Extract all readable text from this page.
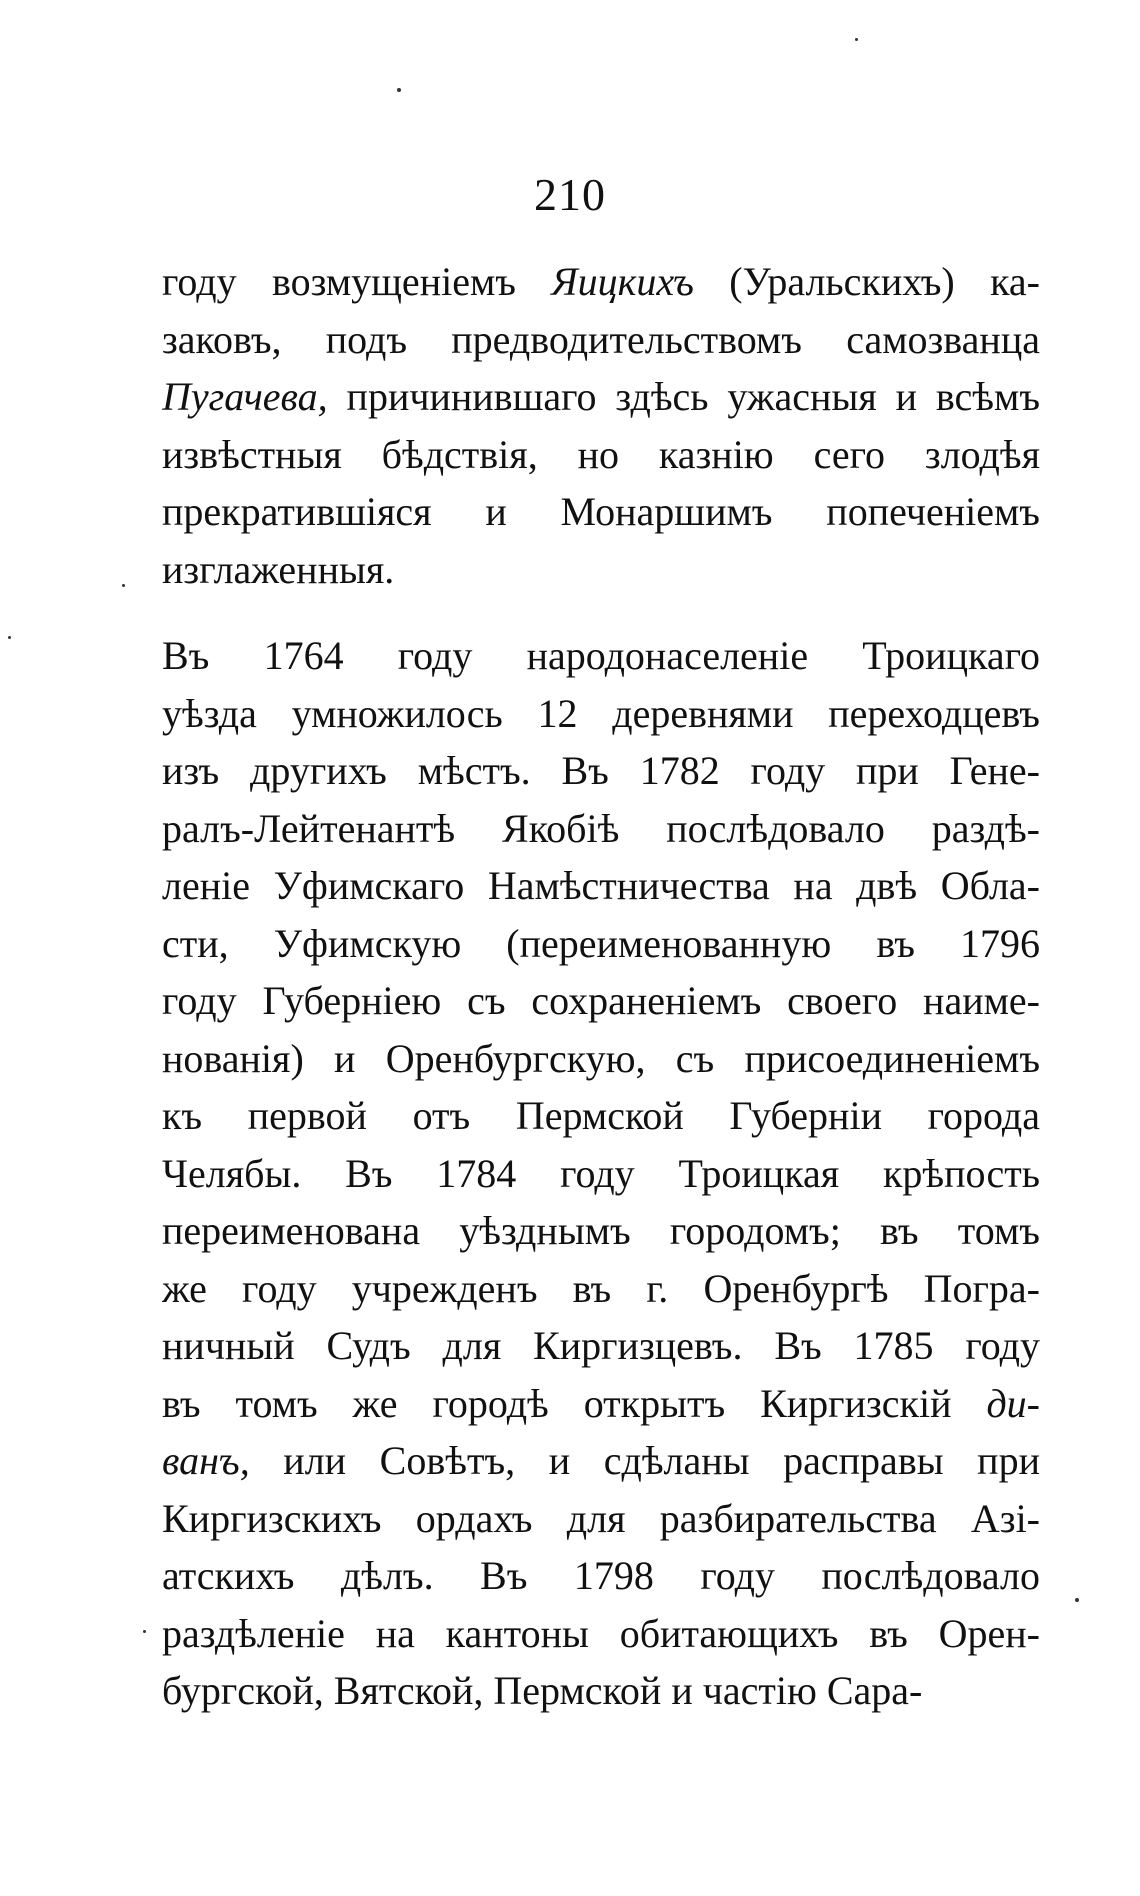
210
году возмущеніемъ Яицкихъ (Уральскихъ) ка-
заковъ, подъ предводительствомъ самозванца
Пугачева, причинившаго здѣсь ужасныя и всѣмъ
извѣстныя бѣдствія, но казнію сего злодѣя
прекратившіяся и Монаршимъ попеченіемъ
изглаженныя.
Въ 1764 году народонаселеніе Троицкаго
уѣзда умножилось 12 деревнями переходцевъ
изъ другихъ мѣстъ. Въ 1782 году при Гене-
ралъ-Лейтенантѣ Якобіѣ послѣдовало раздѣ-
леніе Уфимскаго Намѣстничества на двѣ Обла-
сти, Уфимскую (переименованную въ 1796
году Губерніею съ сохраненіемъ своего наиме-
нованія) и Оренбургскую, съ присоединеніемъ
къ первой отъ Пермской Губерніи города
Челябы. Въ 1784 году Троицкая крѣпость
переименована уѣзднымъ городомъ; въ томъ
же году учрежденъ въ г. Оренбургѣ Погра-
ничный Судъ для Киргизцевъ. Въ 1785 году
въ томъ же городѣ открытъ Киргизскій ди-
ванъ, или Совѣтъ, и сдѣланы расправы при
Киргизскихъ ордахъ для разбирательства Азі-
атскихъ дѣлъ. Въ 1798 году послѣдовало
раздѣленіе на кантоны обитающихъ въ Орен-
бургской, Вятской, Пермской и частію Сара-
